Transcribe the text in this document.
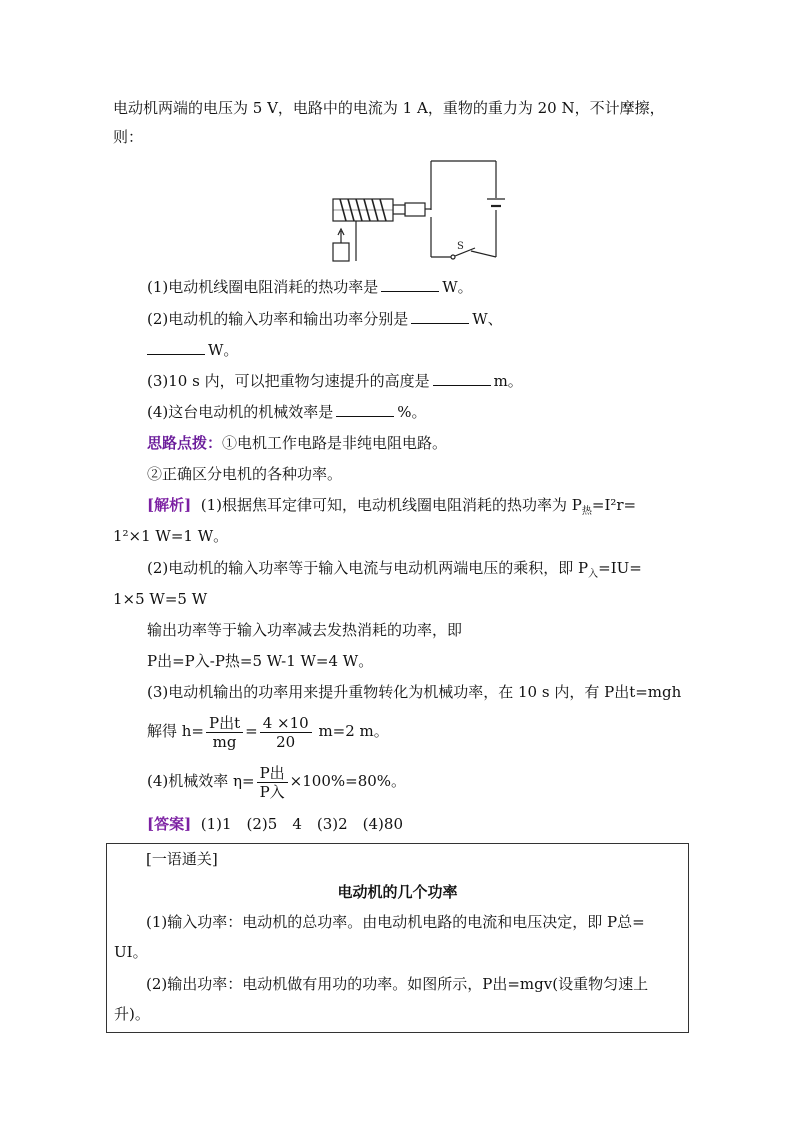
电动机两端的电压为 5 V，电路中的电流为 1 A，重物的重力为 20 N，不计摩擦，
则：
S
(1)电动机线圈电阻消耗的热功率是	W。
(2)电动机的输入功率和输出功率分别是	W、
W。
(3)10 s 内，可以把重物匀速提升的高度是	m。
(4)这台电动机的机械效率是	%。
思路点拨：①电机工作电路是非纯电阻电路。
②正确区分电机的各种功率。
[解析] (1)根据焦耳定律可知，电动机线圈电阻消耗的热功率为 $P_热=I^2r=$
1²×1 W=1 W。
(2)电动机的输入功率等于输入电流与电动机两端电压的乘积，即 $P_入=IU=$
1×5 W=5 W
输出功率等于输入功率减去发热消耗的功率，即
P出=P入-P热=5 W-1 W=4 W。
(3)电动机输出的功率用来提升重物转化为机械功率，在 10 s 内，有 P出t=mgh
解得 $h= \frac{\text{P出t}}{mg} = \frac{4 \times 10}{20} m=2$ m。
(4)机械效率 $\eta= \frac{\text{P出}}{\text{P入}} \times 100\%=80\%$。
[答案] (1)1　(2)5　4　(3)2　(4)80
[一语通关]
电动机的几个功率
(1)输入功率：电动机的总功率。由电动机电路的电流和电压决定，即 P总=
UI。
(2)输出功率：电动机做有用功的功率。如图所示，P出=mgv(设重物匀速上
升)。
